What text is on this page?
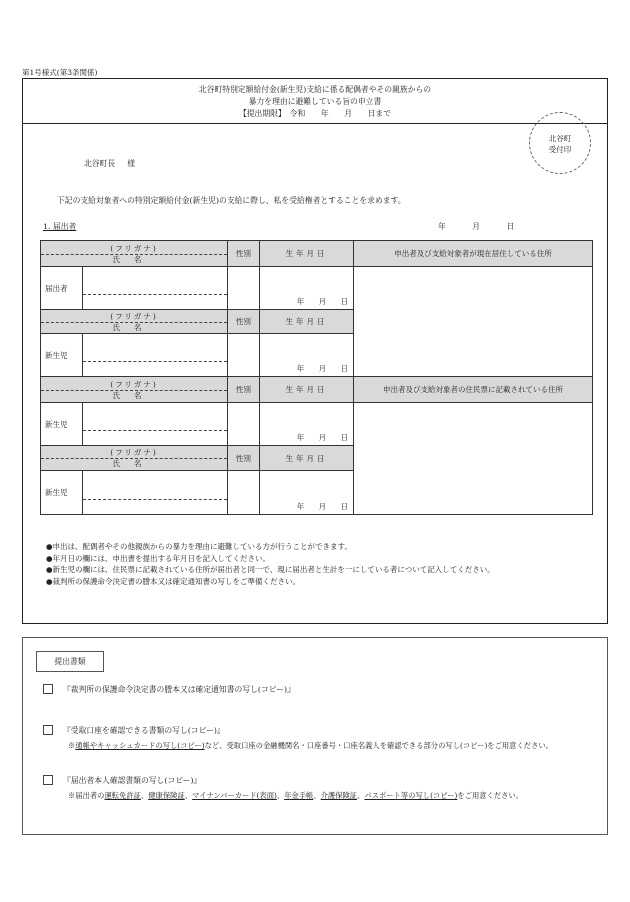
第1号様式(第3条関係)
北谷町特別定額給付金(新生児)支給に係る配偶者やその親族からの
暴力を理由に避難している旨の申立書
【提出期限】　令和　　年　　月　　日まで
北谷町
受付印
北谷町長 様
下記の支給対象者への特別定額給付金(新生児)の支給に際し、私を受給権者とすることを求めます。
1. 届出者	年 月 日
(フリガナ)
氏名		性別	生年月日	申出者及び支給対象者が現在居住している住所
届出者			年 月 日	

(フリガナ)
氏名		性別	生年月日	
新生児			年 月 日	

(フリガナ)
氏名		性別	生年月日	申出者及び支給対象者の住民票に記載されている住所
新生児			年 月 日	

(フリガナ)
氏名		性別	生年月日	
新生児			年 月 日	
●申出は、配偶者やその他親族からの暴力を理由に避難している方が行うことができます。
●年月日の欄には、申出書を提出する年月日を記入してください。
●新生児の欄には、住民票に記載されている住所が届出者と同一で、現に届出者と生計を一にしている者について記入してください。
●裁判所の保護命令決定書の謄本又は確定通知書の写しをご準備ください。
提出書類
『裁判所の保護命令決定書の謄本又は確定通知書の写し(コピー)』
『受取口座を確認できる書類の写し(コピー)』
※通帳やキャッシュカードの写し(コピー)など、受取口座の金融機関名・口座番号・口座名義人を確認できる部分の写し(コピー)をご用意ください。
『届出者本人確認書類の写し(コピー)』
※届出者の運転免許証、健康保険証、マイナンバーカード(表面)、年金手帳、介護保険証、パスポート等の写し(コピー)をご用意ください。
